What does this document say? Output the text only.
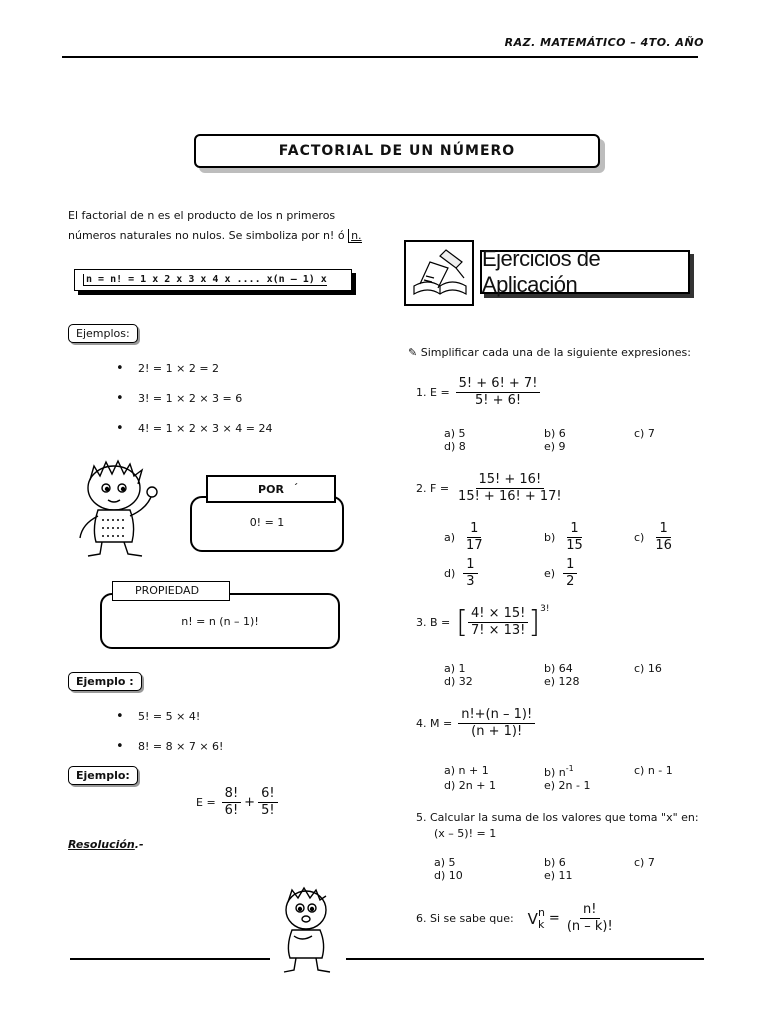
RAZ. MATEMÁTICO – 4TO. AÑO
FACTORIAL DE UN NÚMERO
El factorial de n es el producto de los n primeros
números naturales no nulos. Se simboliza por n! ó n.
n = n! = 1 x 2 x 3 x 4 x .... x(n – 1) x
Ejemplos:
• 2! = 1 × 2 = 2
• 3! = 1 × 2 × 3 = 6
• 4! = 1 × 2 × 3 × 4 = 24
0! = 1
POR ´
n! = n (n – 1)!
PROPIEDAD
Ejemplo :
• 5! = 5 × 4!
• 8! = 8 × 7 × 6!
Ejemplo:
$E = \frac{8!}{6!} + \frac{6!}{5!}$
Resolución.-
Ejercicios de Aplicación
✎ Simplificar cada una de la siguiente expresiones:
1. $E = \frac{5! + 6! + 7!}{5! + 6!}$
a) 5	b) 6	c) 7
d) 8	e) 9
2. $F = \frac{15! + 16!}{15! + 16! + 17!}$
$a) \frac{1}{17}$	$b) \frac{1}{15}$	$c) \frac{1}{16}$
$d) \frac{1}{3}$	$e) \frac{1}{2}$
3. B = [ $\frac{4! \times 15!}{7! \times 13!}$ ] 3!
a) 1	b) 64	c) 16
d) 32	e) 128
4. $M = \frac{n!+(n - 1)!}{(n + 1)!}$
a) n + 1	b) $n^{-1}$	c) n - 1
d) 2n + 1	e) 2n - 1
5. Calcular la suma de los valores que toma "x" en:
(x – 5)! = 1
a) 5	b) 6	c) 7
d) 10	e) 11
6. Si se sabe que: V n
$k = \frac{n!}{(n - k)!}$
